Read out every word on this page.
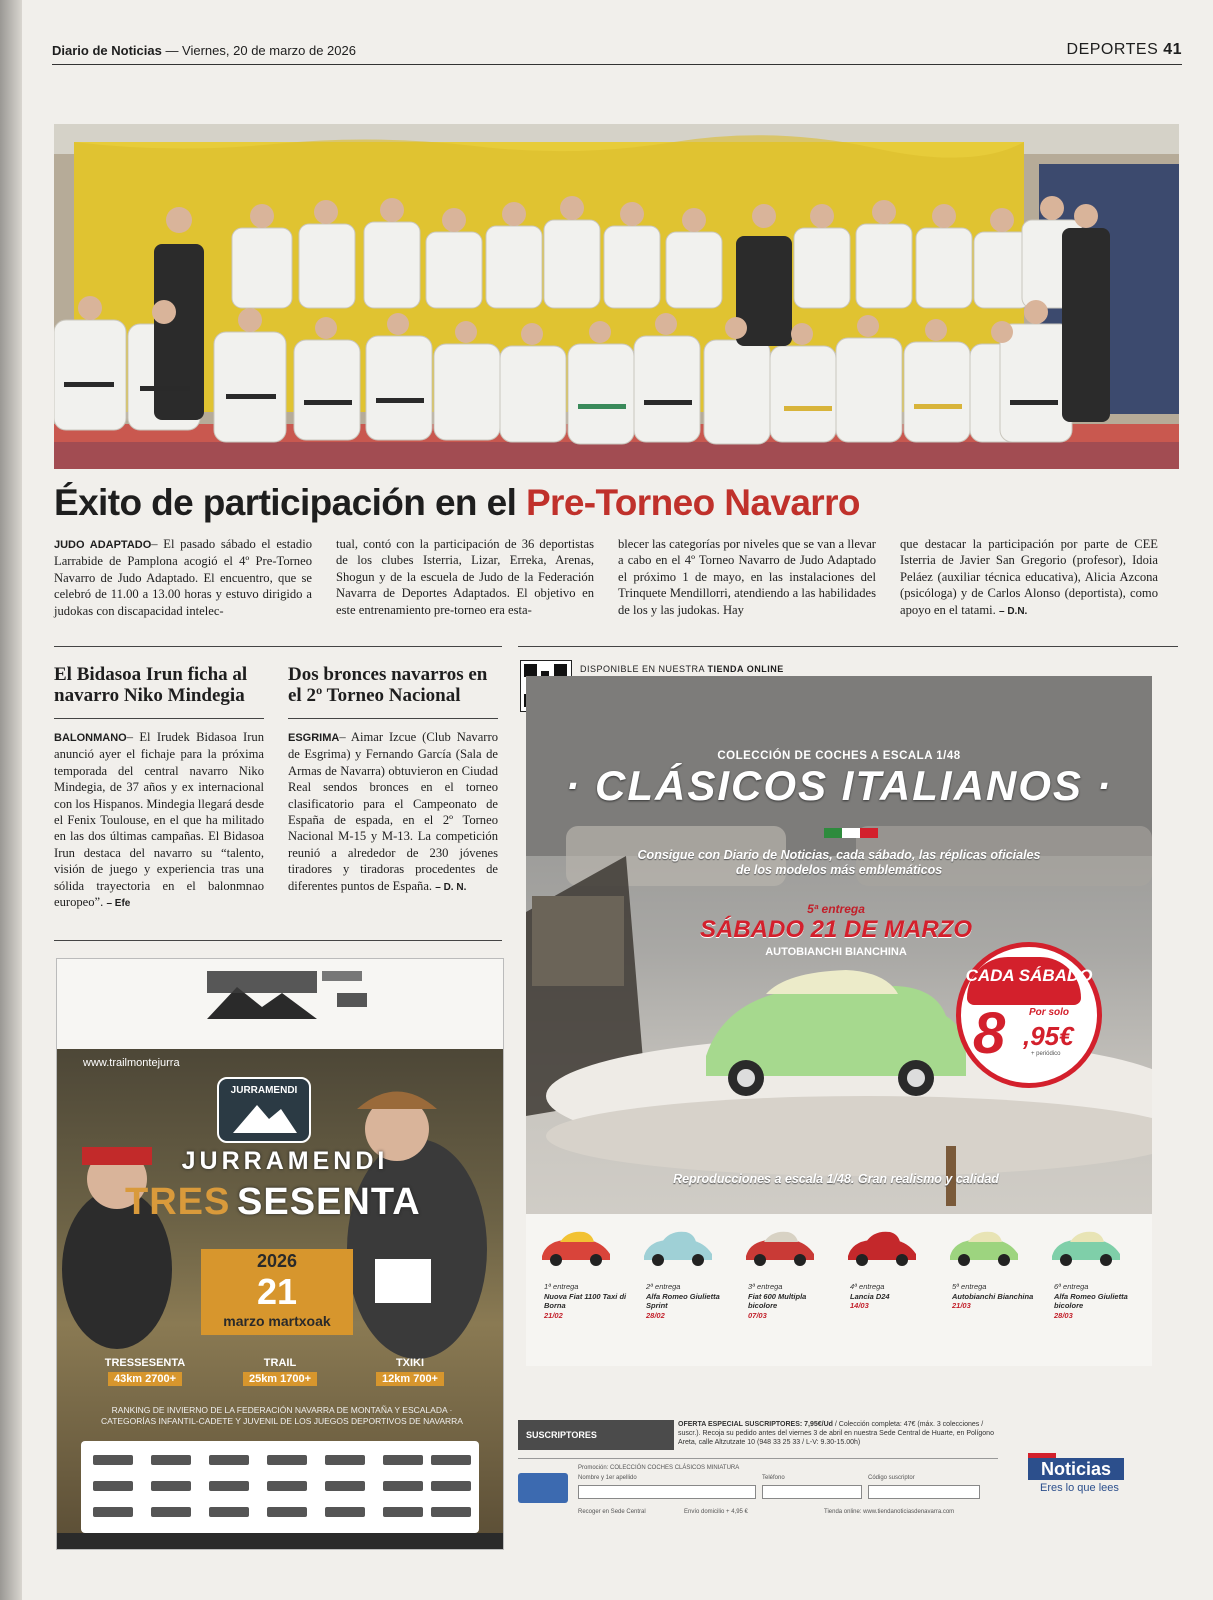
Diario de Noticias — Viernes, 20 de marzo de 2026	DEPORTES 41
Éxito de participación en el Pre-Torneo Navarro
JUDO ADAPTADO– El pasado sábado el estadio Larrabide de Pamplona acogió el 4º Pre-Torneo Navarro de Judo Adaptado. El encuentro, que se celebró de 11.00 a 13.00 horas y estuvo dirigido a judokas con discapacidad intelec-
tual, contó con la participación de 36 deportistas de los clubes Isterria, Lizar, Erreka, Arenas, Shogun y de la escuela de Judo de la Federación Navarra de Deportes Adaptados. El objetivo en este entrenamiento pre-torneo era esta-
blecer las categorías por niveles que se van a llevar a cabo en el 4º Torneo Navarro de Judo Adaptado el próximo 1 de mayo, en las instalaciones del Trinquete Mendillorri, atendiendo a las habilidades de los y las judokas. Hay
que destacar la participación por parte de CEE Isterria de Javier San Gregorio (profesor), Idoia Peláez (auxiliar técnica educativa), Alicia Azcona (psicóloga) y de Carlos Alonso (deportista), como apoyo en el tatami. – D.N.
El Bidasoa Irun ficha al navarro Niko Mindegia

BALONMANO– El Irudek Bidasoa Irun anunció ayer el fichaje para la próxima temporada del central navarro Niko Mindegia, de 37 años y ex internacional con los Hispanos. Mindegia llegará desde el Fenix Toulouse, en el que ha militado en las dos últimas campañas. El Bidasoa Irun destaca del navarro su “talento, visión de juego y experiencia tras una sólida trayectoria en el balonmnao europeo”. – Efe

Dos bronces navarros en el 2º Torneo Nacional

ESGRIMA– Aimar Izcue (Club Navarro de Esgrima) y Fernando García (Sala de Armas de Navarra) obtuvieron en Ciudad Real sendos bronces en el torneo clasificatorio para el Campeonato de España de espada, en el 2º Torneo Nacional M-15 y M-13. La competición reunió a alrededor de 230 jóvenes tiradores y tiradoras procedentes de diferentes puntos de España. – D. N.

www.trailmontejurra
JURRAMENDI
JURRAMENDI
TRES SESENTA
2026
21
marzo martxoak
TRESSESENTA
43km 2700+
TRAIL
25km 1700+
TXIKI
12km 700+
RANKING DE INVIERNO DE LA FEDERACIÓN NAVARRA DE MONTAÑA Y ESCALADA · CATEGORÍAS INFANTIL-CADETE Y JUVENIL DE LOS JUEGOS DEPORTIVOS DE NAVARRA
DISPONIBLE EN NUESTRA TIENDA ONLINE
COLECCIÓN DE COCHES A ESCALA 1/48
· CLÁSICOS ITALIANOS ·
Consigue con Diario de Noticias, cada sábado, las réplicas oficiales de los modelos más emblemáticos
5ª entrega
SÁBADO 21 DE MARZO
AUTOBIANCHI BIANCHINA
CADA SÁBADO
8 Por solo
,95€
+ periódico
Reproducciones a escala 1/48. Gran realismo y calidad
1ª entrega
Nuova Fiat 1100 Taxi di Borna
21/02
2ª entrega
Alfa Romeo Giulietta Sprint
28/02
3ª entrega
Fiat 600 Multipla bicolore
07/03
4ª entrega
Lancia D24
14/03
5ª entrega
Autobianchi Bianchina
21/03
6ª entrega
Alfa Romeo Giulietta bicolore
28/03
SUSCRIPTORES
OFERTA ESPECIAL SUSCRIPTORES: 7,95€/Ud / Colección completa: 47€ (máx. 3 colecciones / suscr.). Recoja su pedido antes del viernes 3 de abril en nuestra Sede Central de Huarte, en Polígono Areta, calle Altzutzate 10 (948 33 25 33 / L-V: 9.30-15.00h)
Promoción: COLECCIÓN COCHES CLÁSICOS MINIATURA
Nombre y 1er apellido	Teléfono	Código suscriptor
Recoger en Sede Central	Envío domicilio + 4,95 €	Tienda online: www.tiendanoticiasdenavarra.com
Noticias
Eres lo que lees
